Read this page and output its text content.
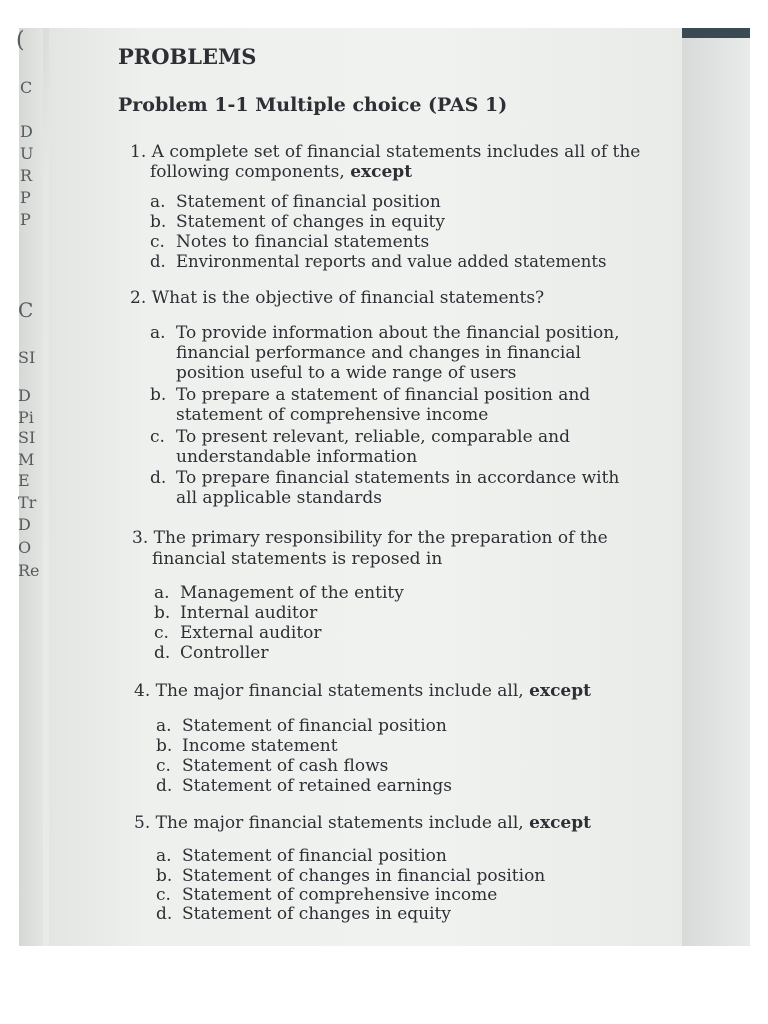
(
C
D
U
R
P
P
C
SI
D
Pi
SI
M
E
Tr
D
O
Re
PROBLEMS
Problem 1-1 Multiple choice (PAS 1)
1. A complete set of financial statements includes all of the
following components, except
a. Statement of financial position
b. Statement of changes in equity
c. Notes to financial statements
d. Environmental reports and value added statements
2. What is the objective of financial statements?
a. To provide information about the financial position,
financial performance and changes in financial
position useful to a wide range of users
b. To prepare a statement of financial position and
statement of comprehensive income
c. To present relevant, reliable, comparable and
understandable information
d. To prepare financial statements in accordance with
all applicable standards
3. The primary responsibility for the preparation of the
financial statements is reposed in
a. Management of the entity
b. Internal auditor
c. External auditor
d. Controller
4. The major financial statements include all, except
a. Statement of financial position
b. Income statement
c. Statement of cash flows
d. Statement of retained earnings
5. The major financial statements include all, except
a. Statement of financial position
b. Statement of changes in financial position
c. Statement of comprehensive income
d. Statement of changes in equity
